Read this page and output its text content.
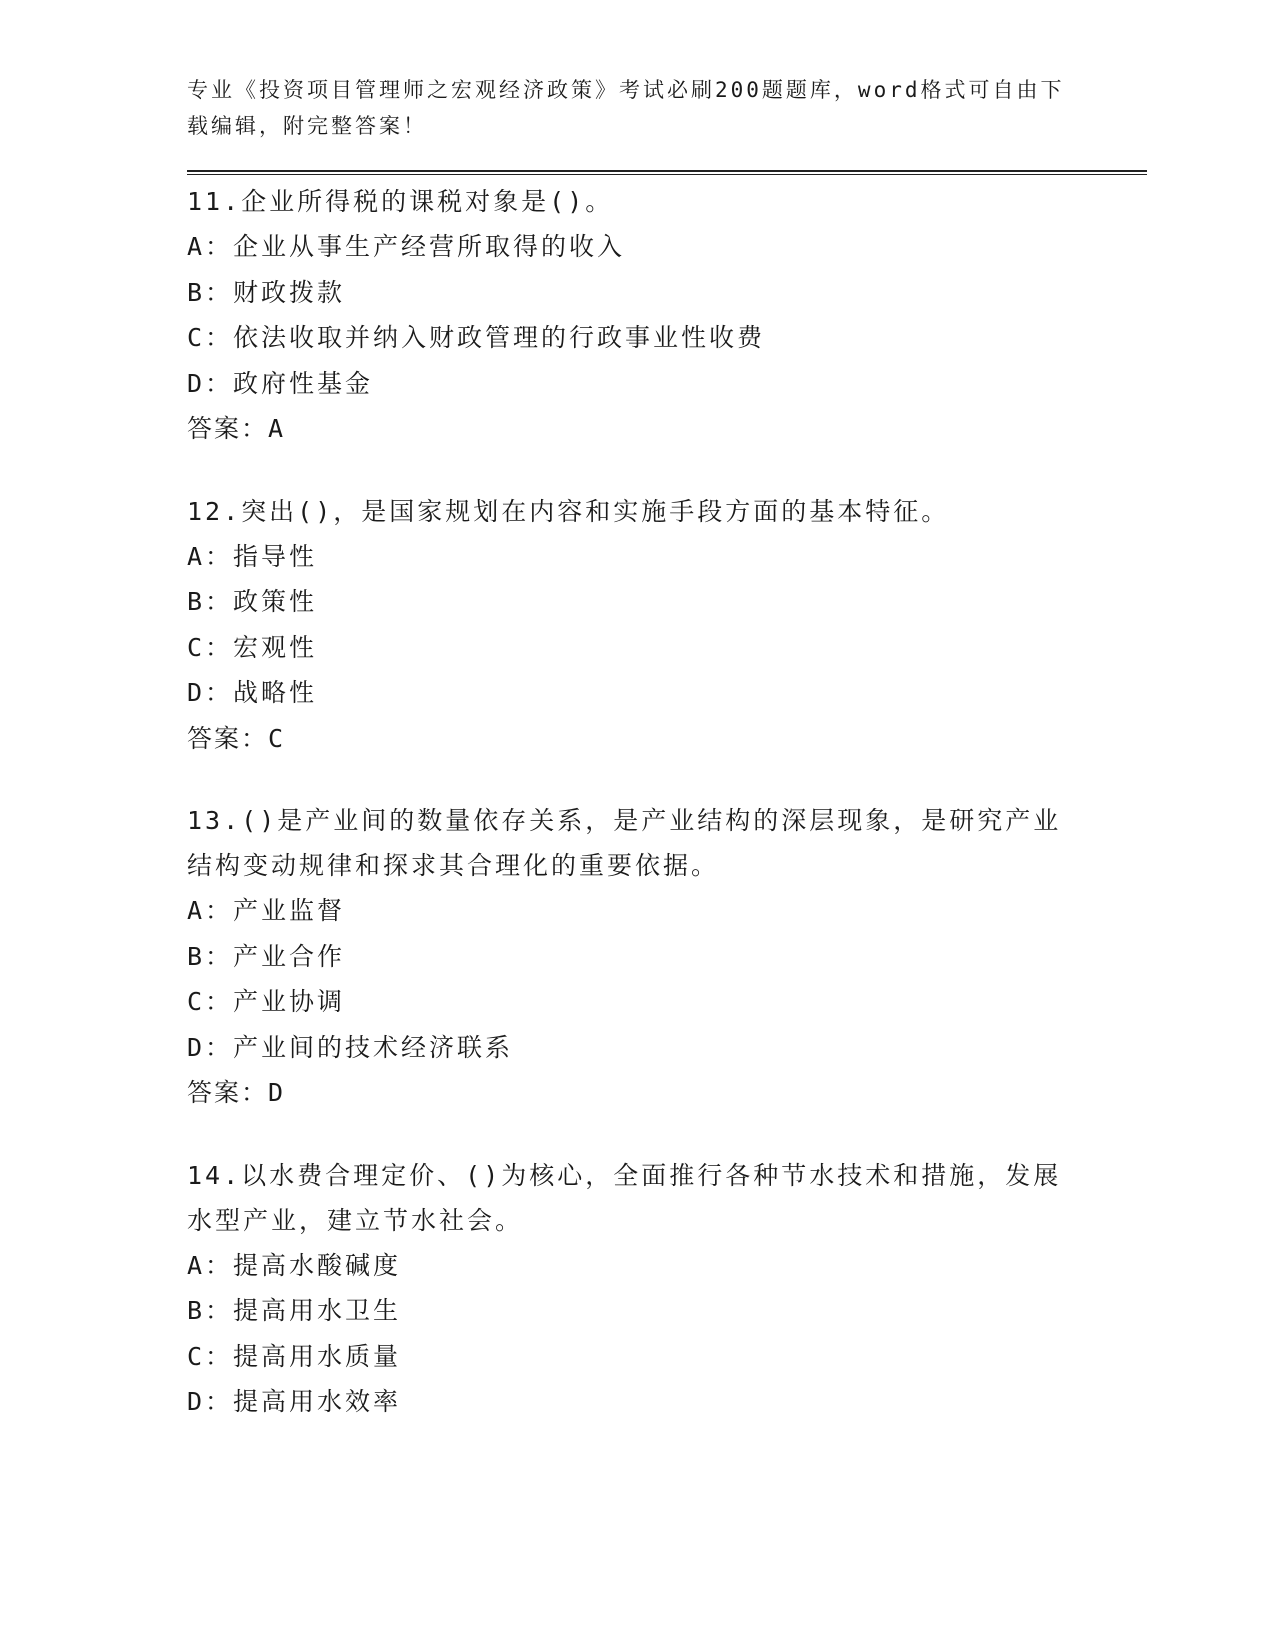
专业《投资项目管理师之宏观经济政策》考试必刷200题题库，word格式可自由下载编辑，附完整答案！

11.企业所得税的课税对象是()。

A：企业从事生产经营所取得的收入

B：财政拨款

C：依法收取并纳入财政管理的行政事业性收费

D：政府性基金

答案：A

12.突出()，是国家规划在内容和实施手段方面的基本特征。

A：指导性

B：政策性

C：宏观性

D：战略性

答案：C

13.()是产业间的数量依存关系，是产业结构的深层现象，是研究产业结构变动规律和探求其合理化的重要依据。

A：产业监督

B：产业合作

C：产业协调

D：产业间的技术经济联系

答案：D

14.以水费合理定价、()为核心，全面推行各种节水技术和措施，发展水型产业，建立节水社会。

A：提高水酸碱度

B：提高用水卫生

C：提高用水质量

D：提高用水效率
